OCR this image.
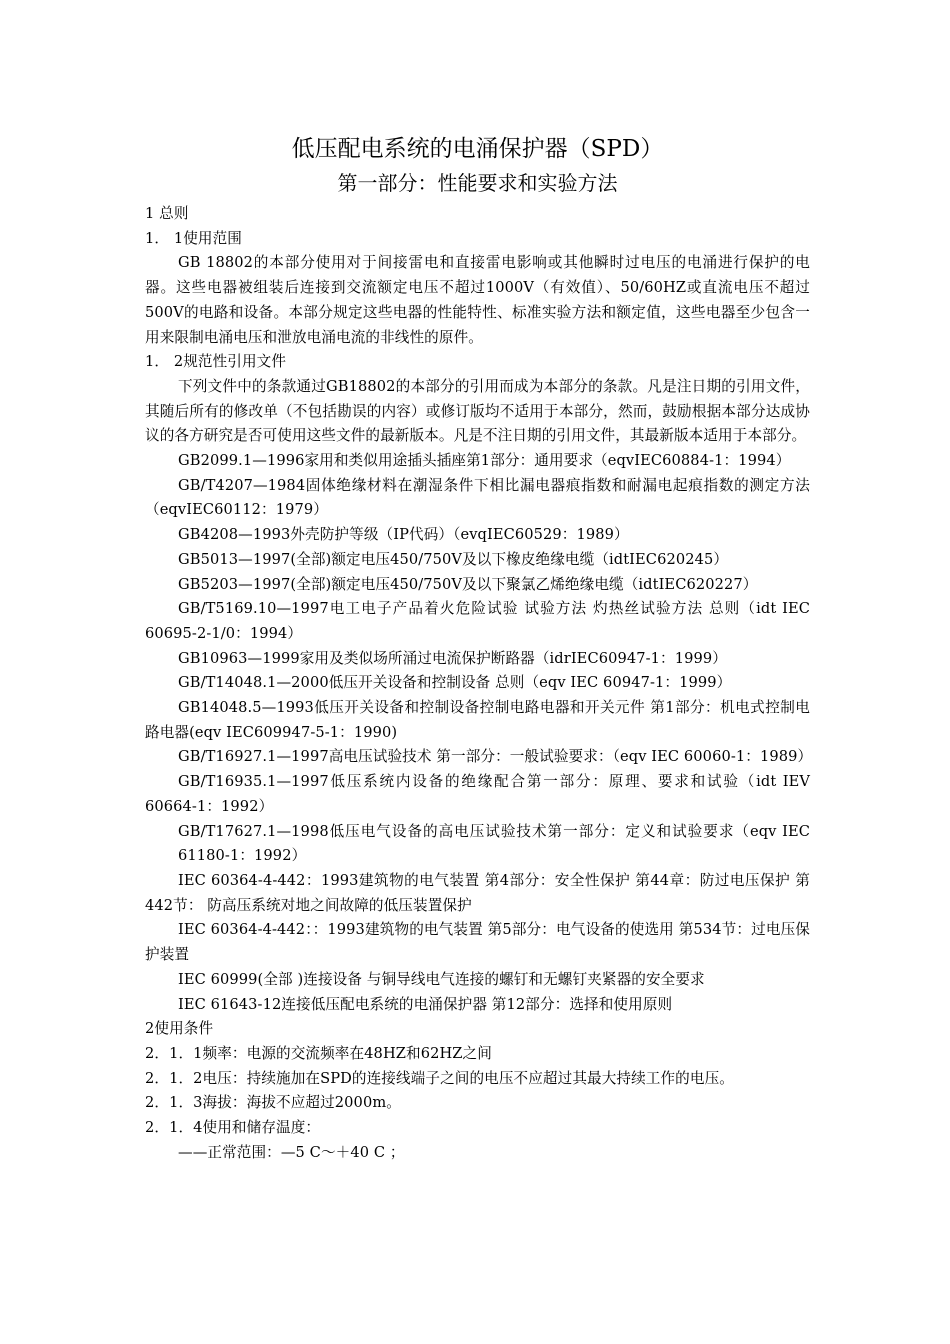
低压配电系统的电涌保护器（SPD）
第一部分：性能要求和实验方法

1 总则

1． 1使用范围

GB 18802的本部分使用对于间接雷电和直接雷电影响或其他瞬时过电压的电涌进行保护的电器。这些电器被组装后连接到交流额定电压不超过1000V（有效值）、50/60HZ或直流电压不超过500V的电路和设备。本部分规定这些电器的性能特性、标准实验方法和额定值，这些电器至少包含一用来限制电涌电压和泄放电涌电流的非线性的原件。

1． 2规范性引用文件

下列文件中的条款通过GB18802的本部分的引用而成为本部分的条款。凡是注日期的引用文件，其随后所有的修改单（不包括勘误的内容）或修订版均不适用于本部分，然而，鼓励根据本部分达成协议的各方研究是否可使用这些文件的最新版本。凡是不注日期的引用文件，其最新版本适用于本部分。

GB2099.1—1996家用和类似用途插头插座第1部分：通用要求（eqvIEC60884-1：1994）

GB/T4207—1984固体绝缘材料在潮湿条件下相比漏电器痕指数和耐漏电起痕指数的测定方法（eqvIEC60112：1979）

GB4208—1993外壳防护等级（IP代码）（evqIEC60529：1989）

GB5013—1997(全部)额定电压450/750V及以下橡皮绝缘电缆（idtIEC620245）

GB5203—1997(全部)额定电压450/750V及以下聚氯乙烯绝缘电缆（idtIEC620227）

GB/T5169.10—1997电工电子产品着火危险试验 试验方法 灼热丝试验方法 总则（idt IEC 60695-2-1/0：1994）

GB10963—1999家用及类似场所涌过电流保护断路器（idrIEC60947-1：1999）

GB/T14048.1—2000低压开关设备和控制设备 总则（eqv IEC 60947-1：1999）

GB14048.5—1993低压开关设备和控制设备控制电路电器和开关元件 第1部分：机电式控制电路电器(eqv IEC609947-5-1：1990)

GB/T16927.1—1997高电压试验技术 第一部分：一般试验要求：（eqv IEC 60060-1：1989）

GB/T16935.1—1997低压系统内设备的绝缘配合第一部分：原理、要求和试验（idt IEV 60664-1：1992）

GB/T17627.1—1998低压电气设备的高电压试验技术第一部分：定义和试验要求（eqv IEC 61180-1：1992）

IEC 60364-4-442：1993建筑物的电气装置 第4部分：安全性保护 第44章：防过电压保护 第442节： 防高压系统对地之间故障的低压装置保护

IEC 60364-4-442：：1993建筑物的电气装置 第5部分：电气设备的使选用 第534节：过电压保护装置

IEC 60999(全部 )连接设备 与铜导线电气连接的螺钉和无螺钉夹紧器的安全要求

IEC 61643-12连接低压配电系统的电涌保护器 第12部分：选择和使用原则

2使用条件

2．1．1频率：电源的交流频率在48HZ和62HZ之间

2．1．2电压：持续施加在SPD的连接线端子之间的电压不应超过其最大持续工作的电压。

2．1．3海拔：海拔不应超过2000m。

2．1．4使用和储存温度：

——正常范围：—5 C～＋40 C ；
